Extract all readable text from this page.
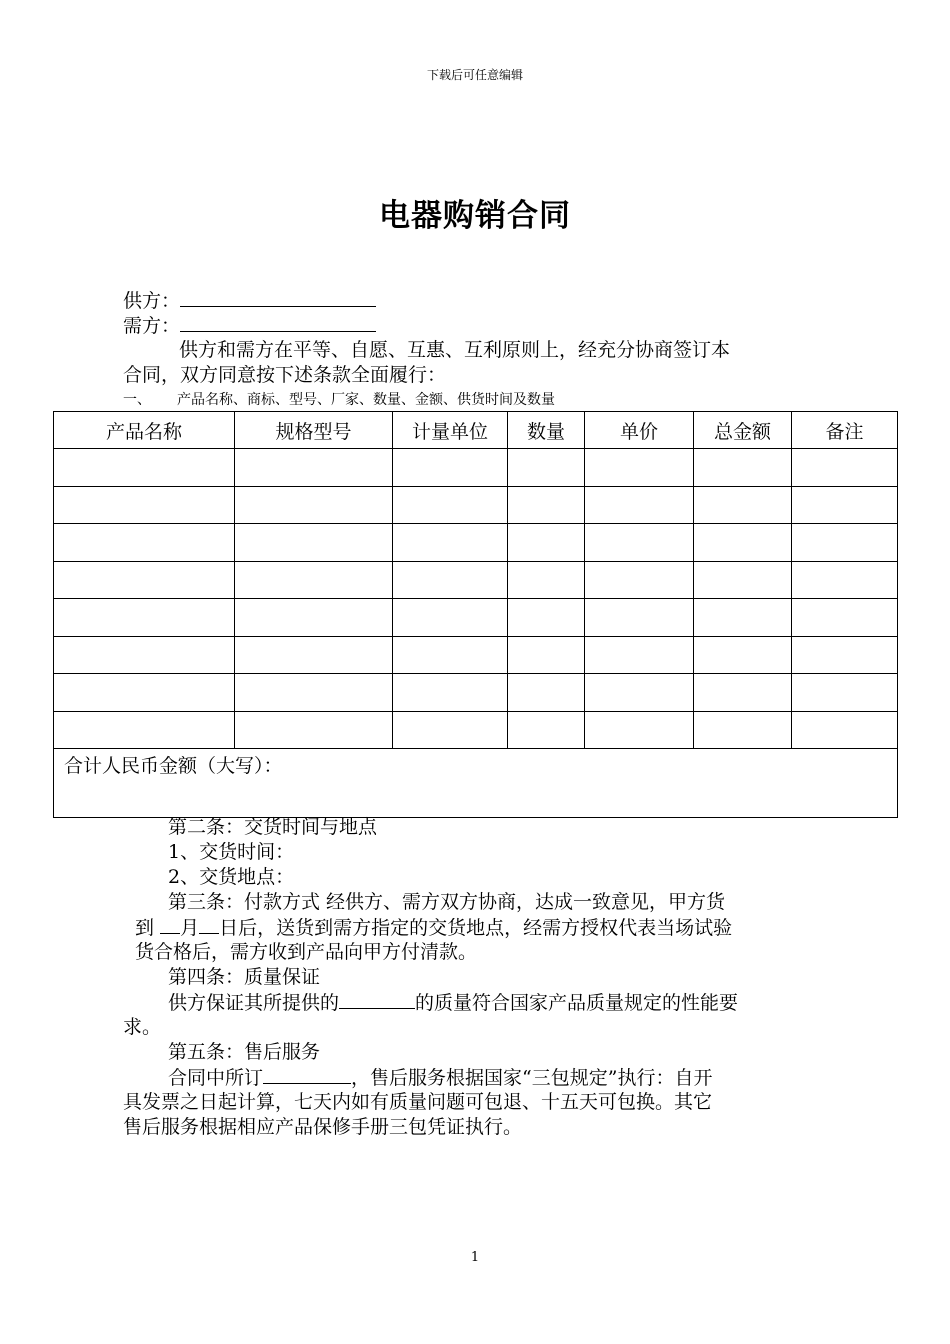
下载后可任意编辑
电器购销合同
供方：
需方：
供方和需方在平等、自愿、互惠、互利原则上，经充分协商签订本
合同，双方同意按下述条款全面履行：
一、 产品名称、商标、型号、厂家、数量、金额、供货时间及数量
产品名称	规格型号	计量单位	数量	单价	总金额	备注

合计人民币金额（大写）：						
第二条：交货时间与地点
1、交货时间：
2、交货地点：
第三条：付款方式 经供方、需方双方协商，达成一致意见，甲方货
到 月 日后，送货到需方指定的交货地点，经需方授权代表当场试验
货合格后，需方收到产品向甲方付清款。
第四条：质量保证
供方保证其所提供的	的质量符合国家产品质量规定的性能要
求。
第五条：售后服务
合同中所订	，售后服务根据国家“三包规定”执行：自开
具发票之日起计算，七天内如有质量问题可包退、十五天可包换。其它
售后服务根据相应产品保修手册三包凭证执行。
1
